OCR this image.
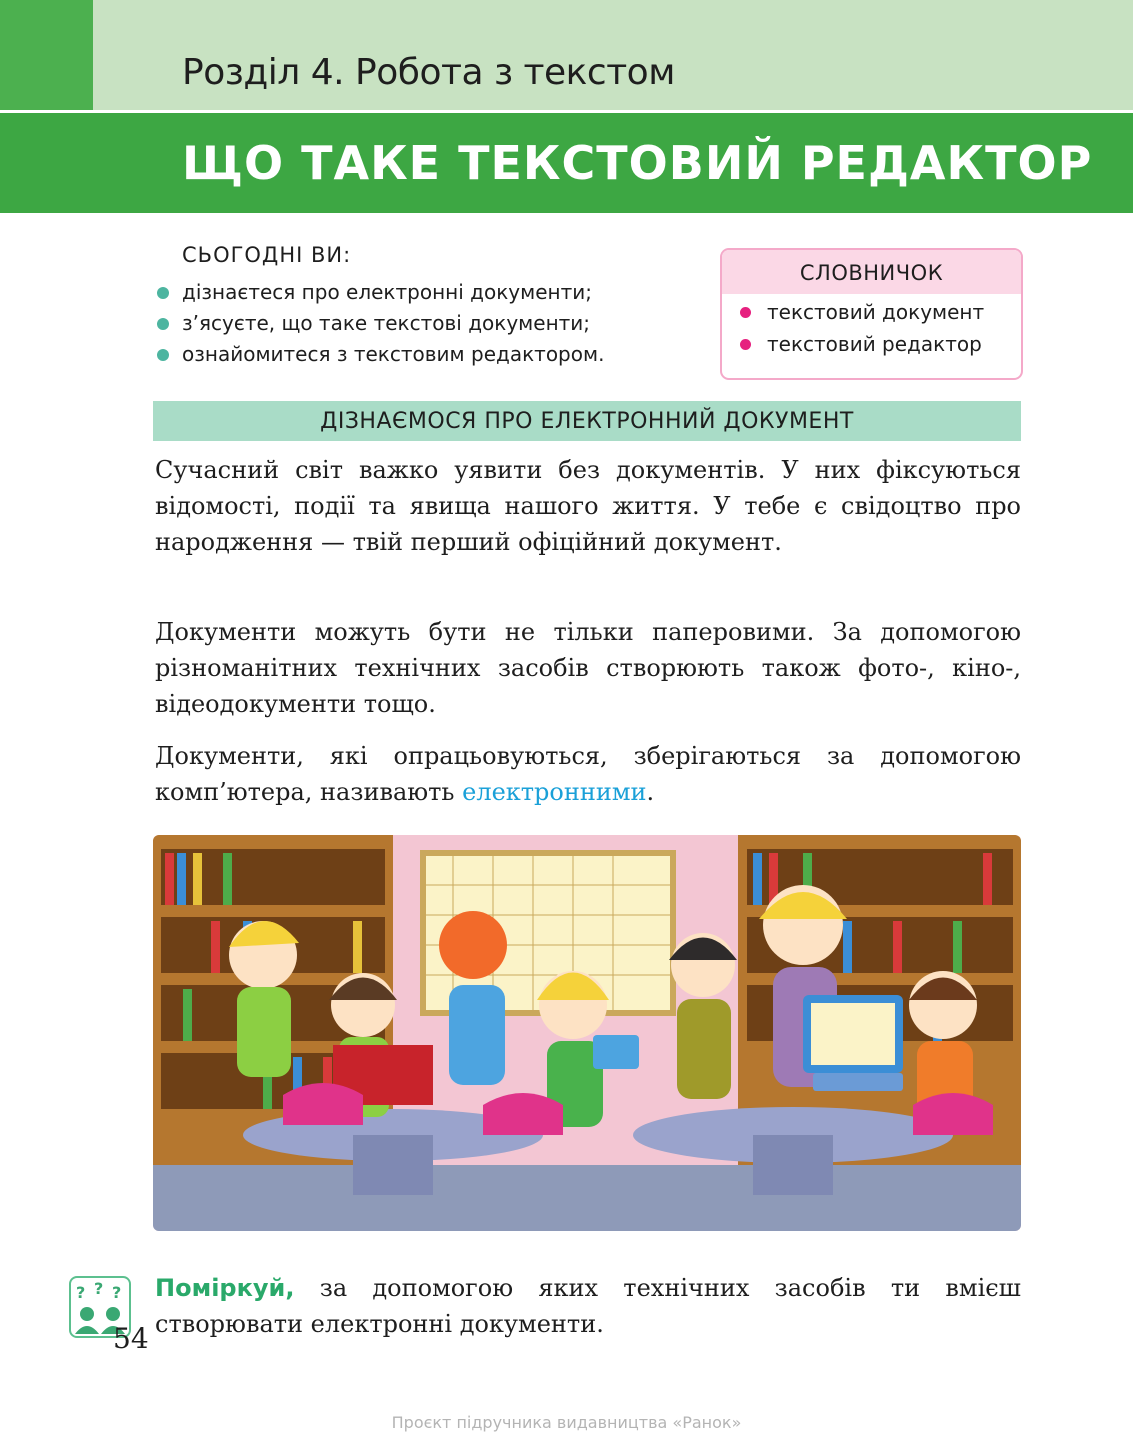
Розділ 4. Робота з текстом
ЩО ТАКЕ ТЕКСТОВИЙ РЕДАКТОР
СЬОГОДНІ ВИ:
дізнаєтеся про електронні документи;
з’ясуєте, що таке текстові документи;
ознайомитеся з текстовим редактором.
СЛОВНИЧОК
текстовий документ
текстовий редактор
ДІЗНАЄМОСЯ ПРО ЕЛЕКТРОННИЙ ДОКУМЕНТ

Сучасний світ важко уявити без документів. У них фіксуються відомості, події та явища нашого життя. У тебе є свідоцтво про народження — твій перший офіційний документ.

Документи можуть бути не тільки паперовими. За допомогою різноманітних технічних засобів створюють також фото-, кіно-, відеодокументи тощо.

Документи, які опрацьовуються, зберігаються за допомогою комп’ютера, називають електронними.

? ? ? Поміркуй, за допомогою яких технічних засобів ти вмієш створювати електронні документи.

54
Проєкт підручника видавництва «Ранок»
